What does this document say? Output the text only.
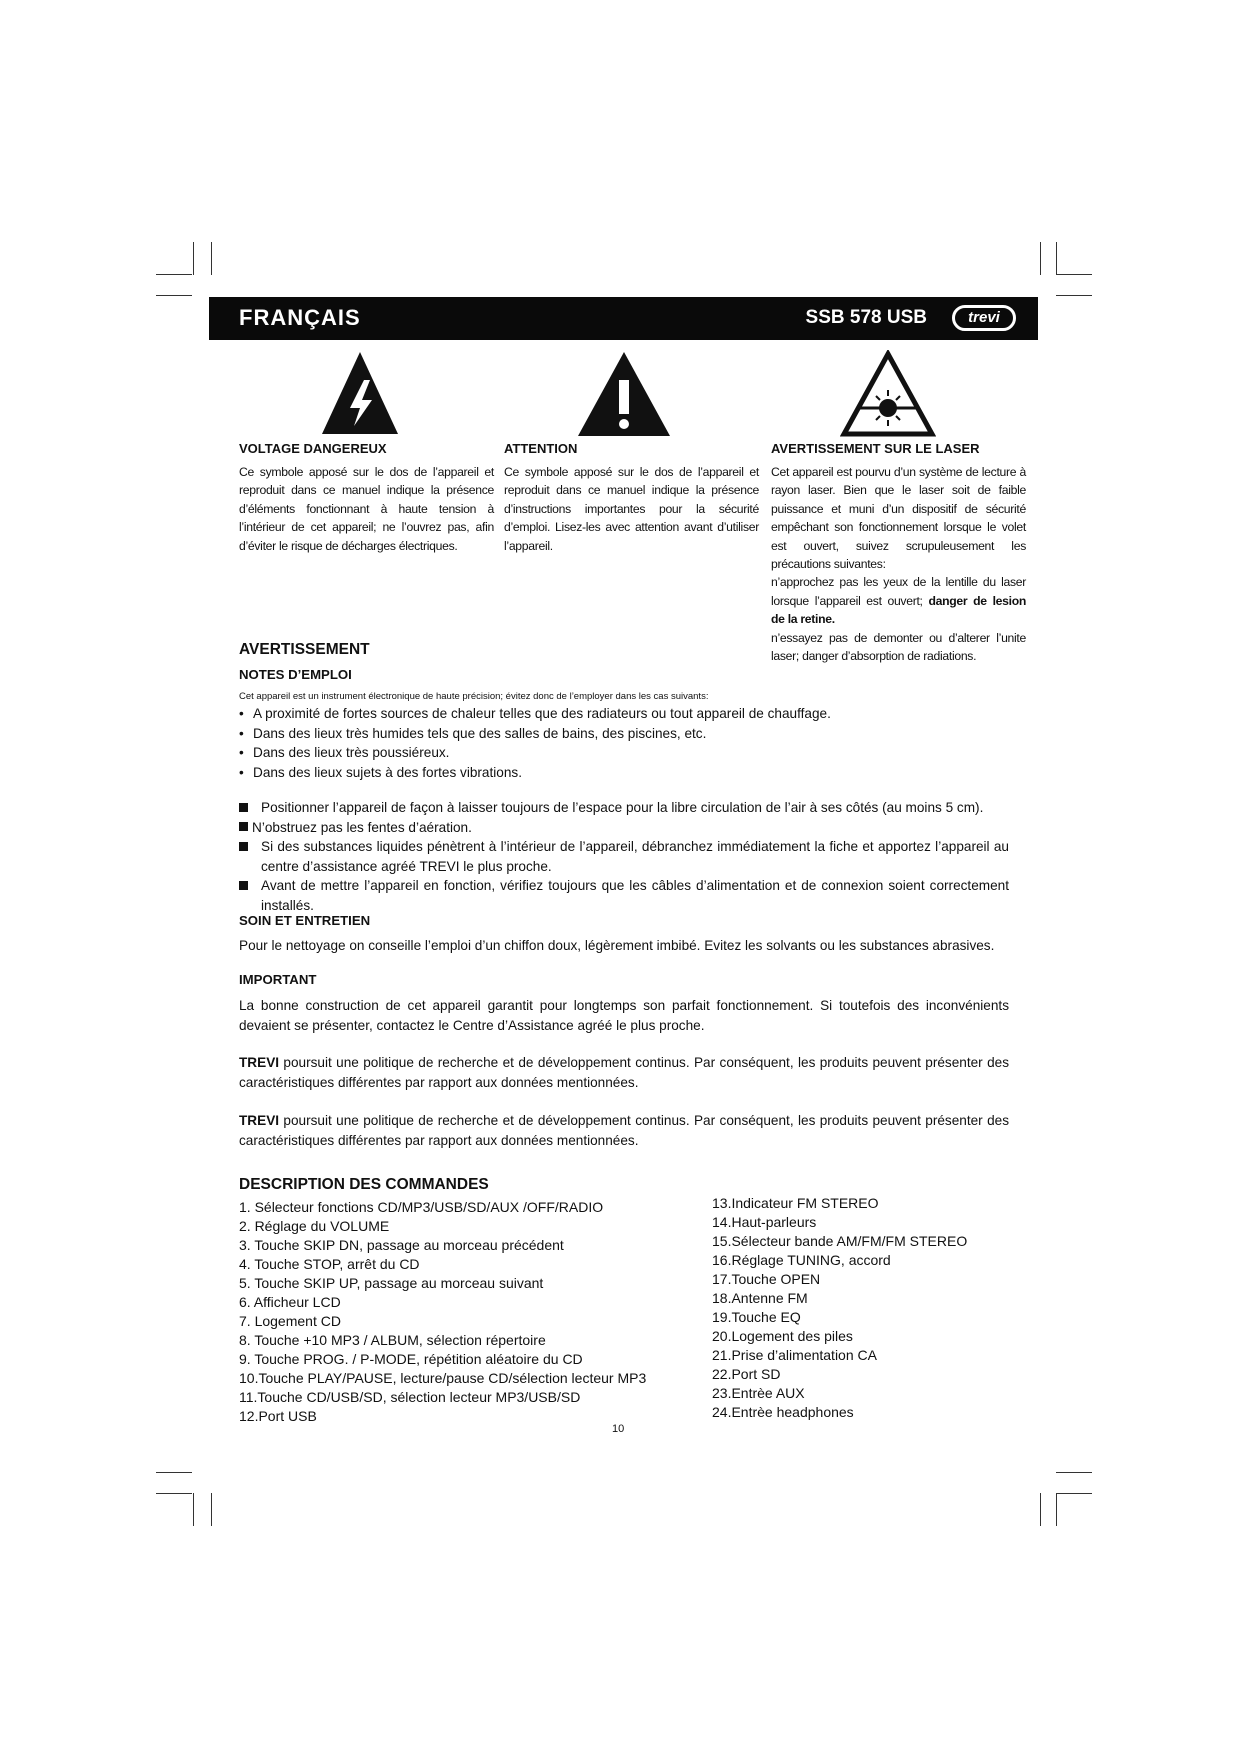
FRANÇAIS	SSB 578 USB	trevi
VOLTAGE DANGEREUX

Ce symbole apposé sur le dos de l’appareil et reproduit dans ce manuel indique la présence d’éléments fonctionnant à haute tension à l’intérieur de cet appareil; ne l’ouvrez pas, afin d’éviter le risque de décharges électriques.

ATTENTION

Ce symbole apposé sur le dos de l’appareil et reproduit dans ce manuel indique la présence d’instructions importantes pour la sécurité d’emploi. Lisez-les avec attention avant d’utiliser l’appareil.

AVERTISSEMENT SUR LE LASER

Cet appareil est pourvu d’un système de lecture à rayon laser. Bien que le laser soit de faible puissance et muni d’un dispositif de sécurité empêchant son fonctionnement lorsque le volet est ouvert, suivez scrupuleusement les précautions suivantes:

n’approchez pas les yeux de la lentille du laser lorsque l’appareil est ouvert; danger de lesion de la retine.

n’essayez pas de demonter ou d’alterer l’unite laser; danger d’absorption de radiations.

AVERTISSEMENT
NOTES D’EMPLOI
Cet appareil est un instrument électronique de haute précision; évitez donc de l’employer dans les cas suivants:
• A proximité de fortes sources de chaleur telles que des radiateurs ou tout appareil de chauffage.
• Dans des lieux très humides tels que des salles de bains, des piscines, etc.
• Dans des lieux très poussiéreux.
• Dans des lieux sujets à des fortes vibrations.
Positionner l’appareil de façon à laisser toujours de l’espace pour la libre circulation de l’air à ses côtés (au moins 5 cm).
N’obstruez pas les fentes d’aération.
Si des substances liquides pénètrent à l’intérieur de l’appareil, débranchez immédiatement la fiche et apportez l’appareil au centre d’assistance agréé TREVI le plus proche.
Avant de mettre l’appareil en fonction, vérifiez toujours que les câbles d’alimentation et de connexion soient correctement installés.
SOIN ET ENTRETIEN

Pour le nettoyage on conseille l’emploi d’un chiffon doux, légèrement imbibé. Evitez les solvants ou les substances abrasives.

IMPORTANT

La bonne construction de cet appareil garantit pour longtemps son parfait fonctionnement. Si toutefois des inconvénients devaient se présenter, contactez le Centre d’Assistance agréé le plus proche.

TREVI poursuit une politique de recherche et de développement continus. Par conséquent, les produits peuvent présenter des caractéristiques différentes par rapport aux données mentionnées.

TREVI poursuit une politique de recherche et de développement continus. Par conséquent, les produits peuvent présenter des caractéristiques différentes par rapport aux données mentionnées.

DESCRIPTION DES COMMANDES
1. Sélecteur fonctions CD/MP3/USB/SD/AUX /OFF/RADIO
2. Réglage du VOLUME
3. Touche SKIP DN, passage au morceau précédent
4. Touche STOP, arrêt du CD
5. Touche SKIP UP, passage au morceau suivant
6. Afficheur LCD
7. Logement CD
8. Touche +10 MP3 / ALBUM, sélection répertoire
9. Touche PROG. / P-MODE, répétition aléatoire du CD
10.Touche PLAY/PAUSE, lecture/pause CD/sélection lecteur MP3
11.Touche CD/USB/SD, sélection lecteur MP3/USB/SD
12.Port USB
13.Indicateur FM STEREO
14.Haut-parleurs
15.Sélecteur bande AM/FM/FM STEREO
16.Réglage TUNING, accord
17.Touche OPEN
18.Antenne FM
19.Touche EQ
20.Logement des piles
21.Prise d’alimentation CA
22.Port SD
23.Entrèe AUX
24.Entrèe headphones
10
